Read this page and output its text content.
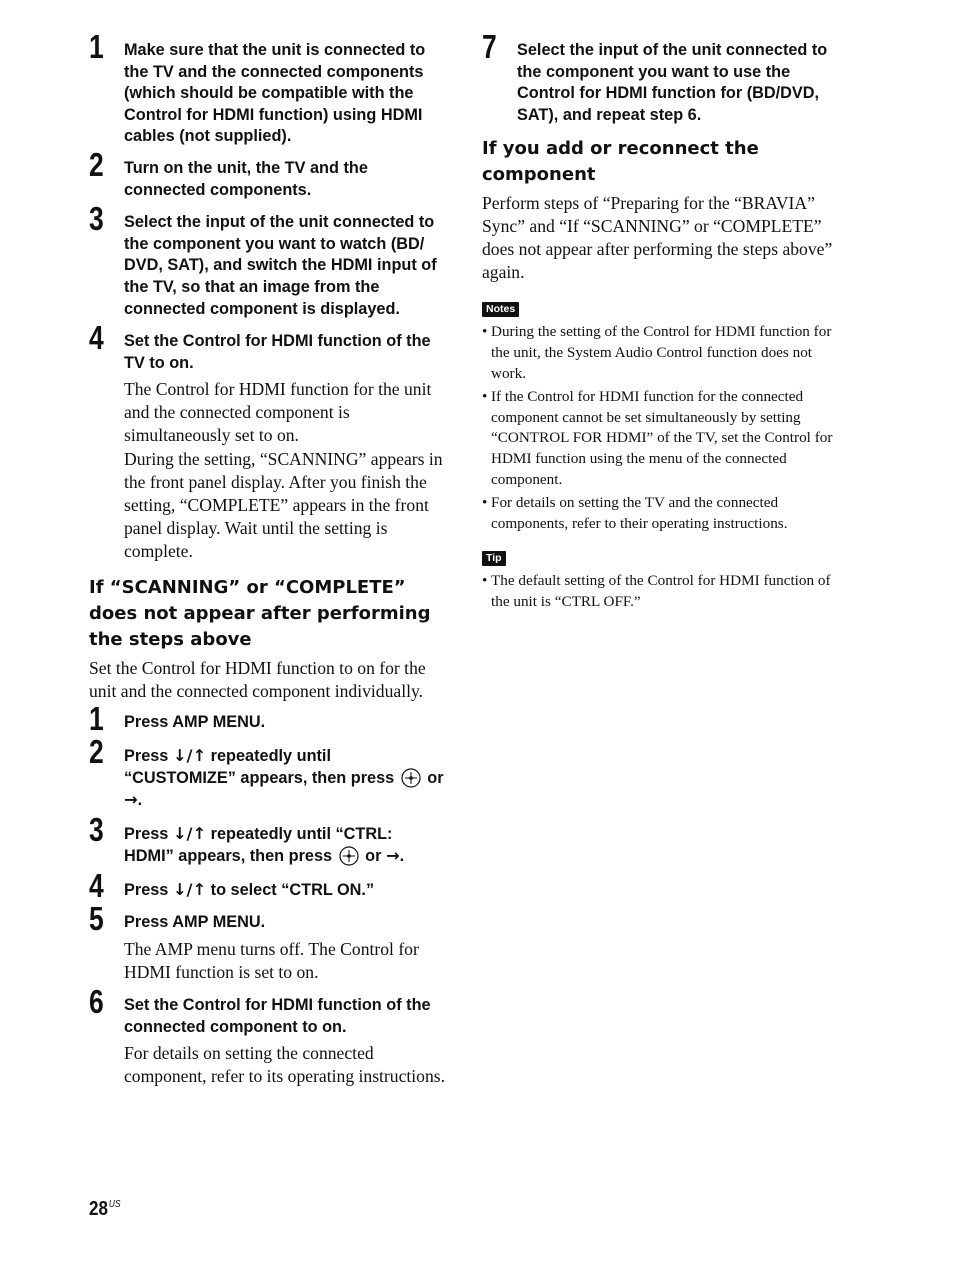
1 Make sure that the unit is connected to the TV and the connected components (which should be compatible with the Control for HDMI function) using HDMI cables (not supplied).

2 Turn on the unit, the TV and the connected components.

3 Select the input of the unit connected to the component you want to watch (BD/ DVD, SAT), and switch the HDMI input of the TV, so that an image from the connected component is displayed.

4 Set the Control for HDMI function of the TV to on.

The Control for HDMI function for the unit and the connected component is simultaneously set to on.

During the setting, “SCANNING” appears in the front panel display. After you finish the setting, “COMPLETE” appears in the front panel display. Wait until the setting is complete.

If “SCANNING” or “COMPLETE” does not appear after performing the steps above

Set the Control for HDMI function to on for the unit and the connected component individually.

1 Press AMP MENU.

2 Press ↓/↑ repeatedly until “CUSTOMIZE” appears, then press  or →.

3 Press ↓/↑ repeatedly until “CTRL: HDMI” appears, then press  or →.

4 Press ↓/↑ to select “CTRL ON.”

5 Press AMP MENU.

The AMP menu turns off. The Control for HDMI function is set to on.

6 Set the Control for HDMI function of the connected component to on.

For details on setting the connected component, refer to its operating instructions.

7 Select the input of the unit connected to the component you want to use the Control for HDMI function for (BD/DVD, SAT), and repeat step 6.

If you add or reconnect the component

Perform steps of “Preparing for the “BRAVIA” Sync” and “If “SCANNING” or “COMPLETE” does not appear after performing the steps above” again.

Notes
• During the setting of the Control for HDMI function for the unit, the System Audio Control function does not work.
• If the Control for HDMI function for the connected component cannot be set simultaneously by setting “CONTROL FOR HDMI” of the TV, set the Control for HDMI function using the menu of the connected component.
• For details on setting the TV and the connected components, refer to their operating instructions.
Tip
• The default setting of the Control for HDMI function of the unit is “CTRL OFF.”
$28^{US}$
